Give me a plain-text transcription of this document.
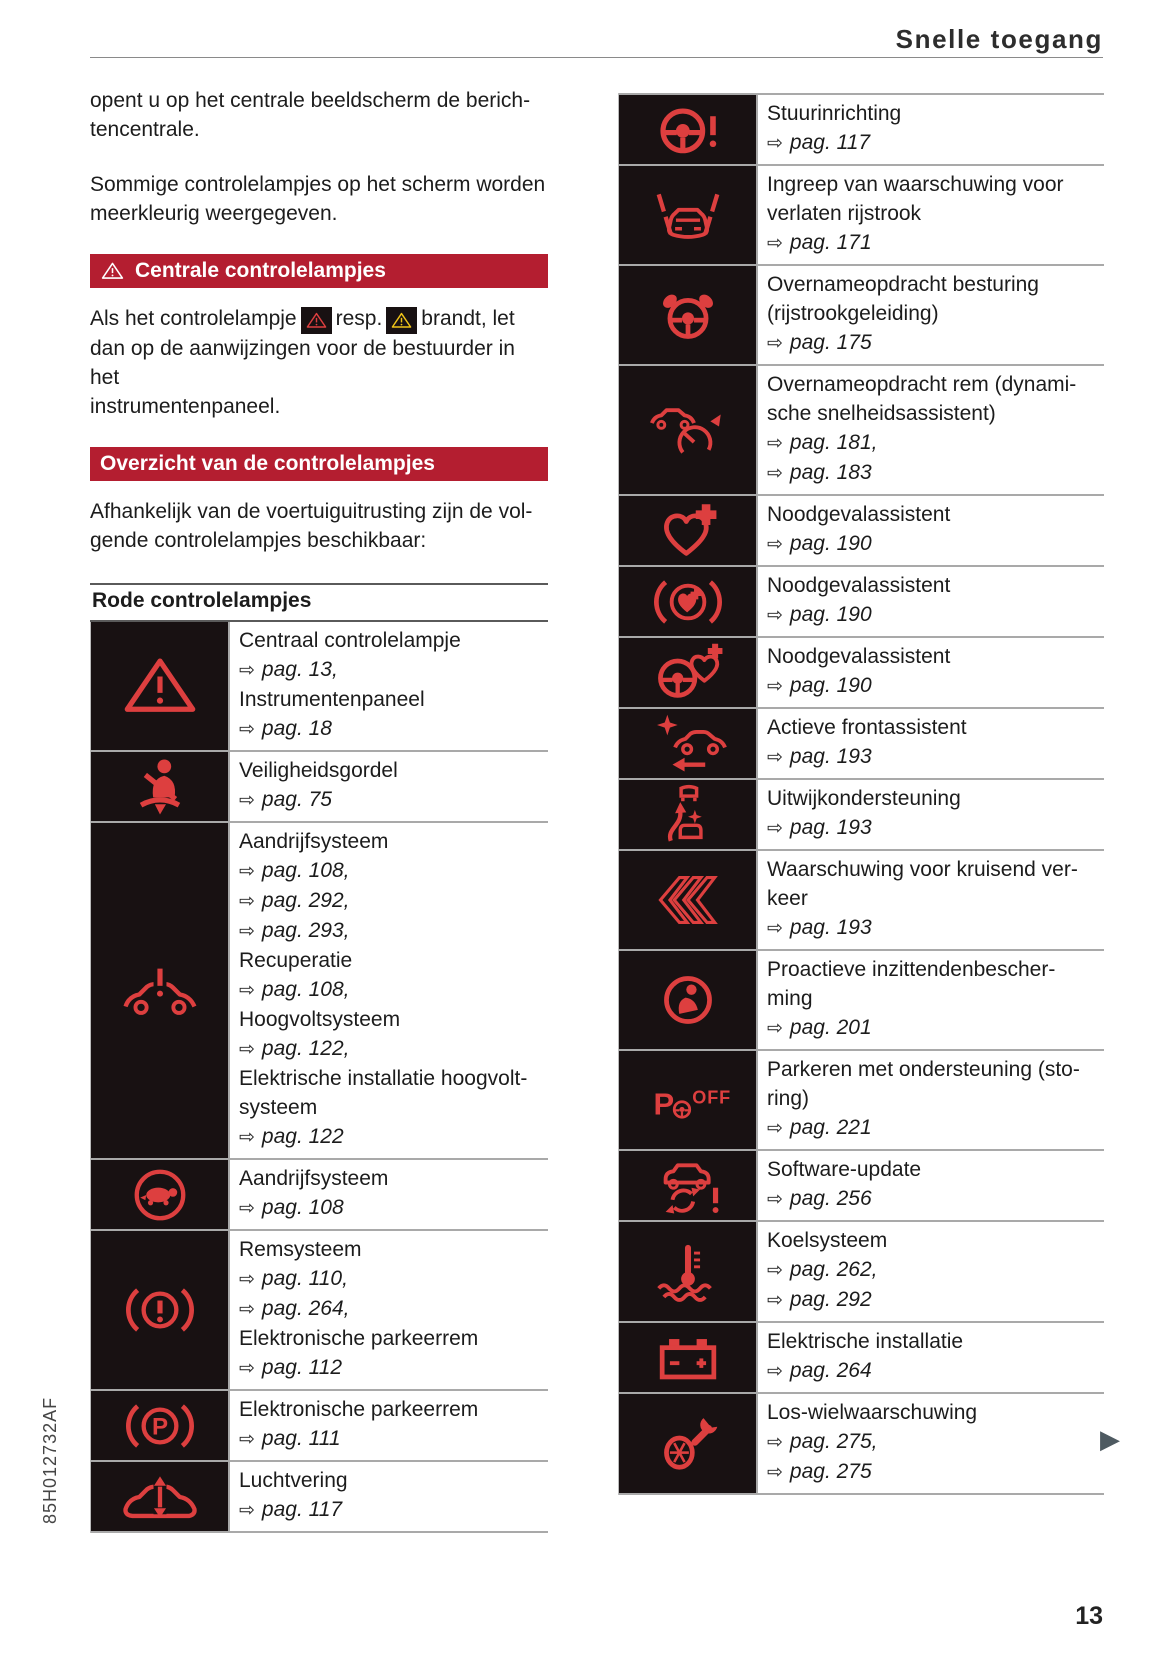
Snelle toegang
opent u op het centrale beeldscherm de berich-
tencentrale.
Sommige controlelampjes op het scherm worden
meerkleurig weergegeven.
Centrale controlelampjes
Als het controlelampje resp. brandt, let
dan op de aanwijzingen voor de bestuurder in het
instrumentenpaneel.
Overzicht van de controlelampjes
Afhankelijk van de voertuiguitrusting zijn de vol-
gende controlelampjes beschikbaar:
Rode controlelampjes
Centraal controlelampje
⇨ pag. 13,
Instrumentenpaneel
⇨ pag. 18
Veiligheidsgordel
⇨ pag. 75
Aandrijfsysteem
⇨ pag. 108,
⇨ pag. 292,
⇨ pag. 293,
Recuperatie
⇨ pag. 108,
Hoogvoltsysteem
⇨ pag. 122,
Elektrische installatie hoogvolt-
systeem
⇨ pag. 122
Aandrijfsysteem
⇨ pag. 108
Remsysteem
⇨ pag. 110,
⇨ pag. 264,
Elektronische parkeerrem
⇨ pag. 112
Elektronische parkeerrem
⇨ pag. 111
Luchtvering
⇨ pag. 117
Stuurinrichting
⇨ pag. 117
Ingreep van waarschuwing voor
verlaten rijstrook
⇨ pag. 171
Overnameopdracht besturing
(rijstrookgeleiding)
⇨ pag. 175
Overnameopdracht rem (dynami-
sche snelheidsassistent)
⇨ pag. 181,
⇨ pag. 183
Noodgevalassistent
⇨ pag. 190
Noodgevalassistent
⇨ pag. 190
Noodgevalassistent
⇨ pag. 190
Actieve frontassistent
⇨ pag. 193
Uitwijkondersteuning
⇨ pag. 193
Waarschuwing voor kruisend ver-
keer
⇨ pag. 193
Proactieve inzittendenbescher-
ming
⇨ pag. 201
Parkeren met ondersteuning (sto-
ring)
⇨ pag. 221
Software-update
⇨ pag. 256
Koelsysteem
⇨ pag. 262,
⇨ pag. 292
Elektrische installatie
⇨ pag. 264
Los-wielwaarschuwing
⇨ pag. 275,
⇨ pag. 275
▶
85H012732AF
13
